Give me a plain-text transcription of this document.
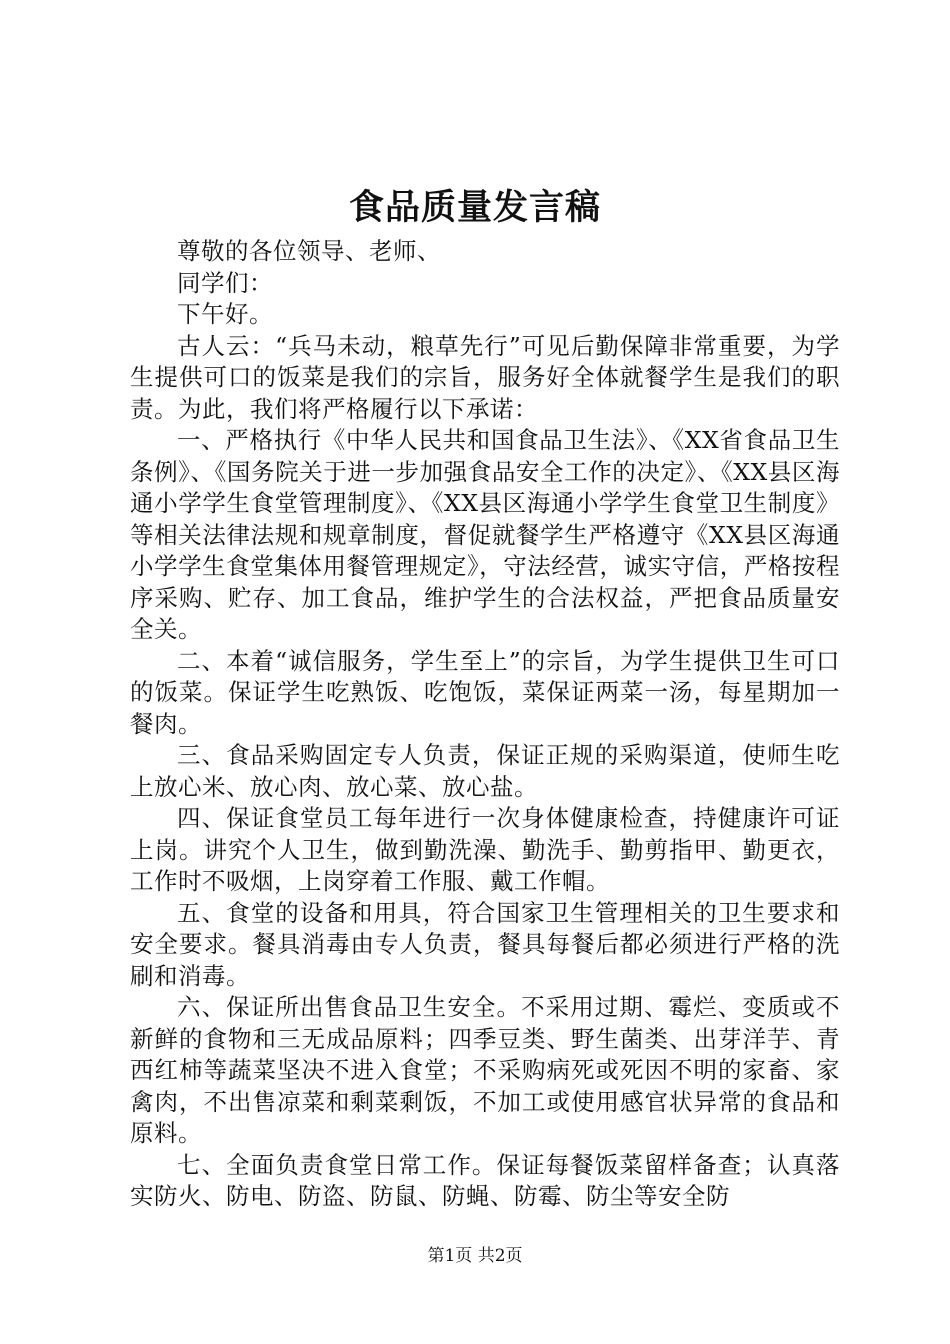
食品质量发言稿

尊敬的各位领导、老师、

同学们：

下午好。

古人云：“兵马未动，粮草先行”可见后勤保障非常重要，为学生提供可口的饭菜是我们的宗旨，服务好全体就餐学生是我们的职责。为此，我们将严格履行以下承诺：

一、严格执行《中华人民共和国食品卫生法》、《XX省食品卫生条例》、《国务院关于进一步加强食品安全工作的决定》、《XX县区海通小学学生食堂管理制度》、《XX县区海通小学学生食堂卫生制度》等相关法律法规和规章制度，督促就餐学生严格遵守《XX县区海通小学学生食堂集体用餐管理规定》，守法经营，诚实守信，严格按程序采购、贮存、加工食品，维护学生的合法权益，严把食品质量安全关。

二、本着“诚信服务，学生至上”的宗旨，为学生提供卫生可口的饭菜。保证学生吃熟饭、吃饱饭，菜保证两菜一汤，每星期加一餐肉。

三、食品采购固定专人负责，保证正规的采购渠道，使师生吃上放心米、放心肉、放心菜、放心盐。

四、保证食堂员工每年进行一次身体健康检查，持健康许可证上岗。讲究个人卫生，做到勤洗澡、勤洗手、勤剪指甲、勤更衣，工作时不吸烟，上岗穿着工作服、戴工作帽。

五、食堂的设备和用具，符合国家卫生管理相关的卫生要求和安全要求。餐具消毒由专人负责，餐具每餐后都必须进行严格的洗刷和消毒。

六、保证所出售食品卫生安全。不采用过期、霉烂、变质或不新鲜的食物和三无成品原料；四季豆类、野生菌类、出芽洋芋、青西红柿等蔬菜坚决不进入食堂；不采购病死或死因不明的家畜、家禽肉，不出售凉菜和剩菜剩饭，不加工或使用感官状异常的食品和原料。

七、全面负责食堂日常工作。保证每餐饭菜留样备查；认真落实防火、防电、防盗、防鼠、防蝇、防霉、防尘等安全防

第1页 共2页
